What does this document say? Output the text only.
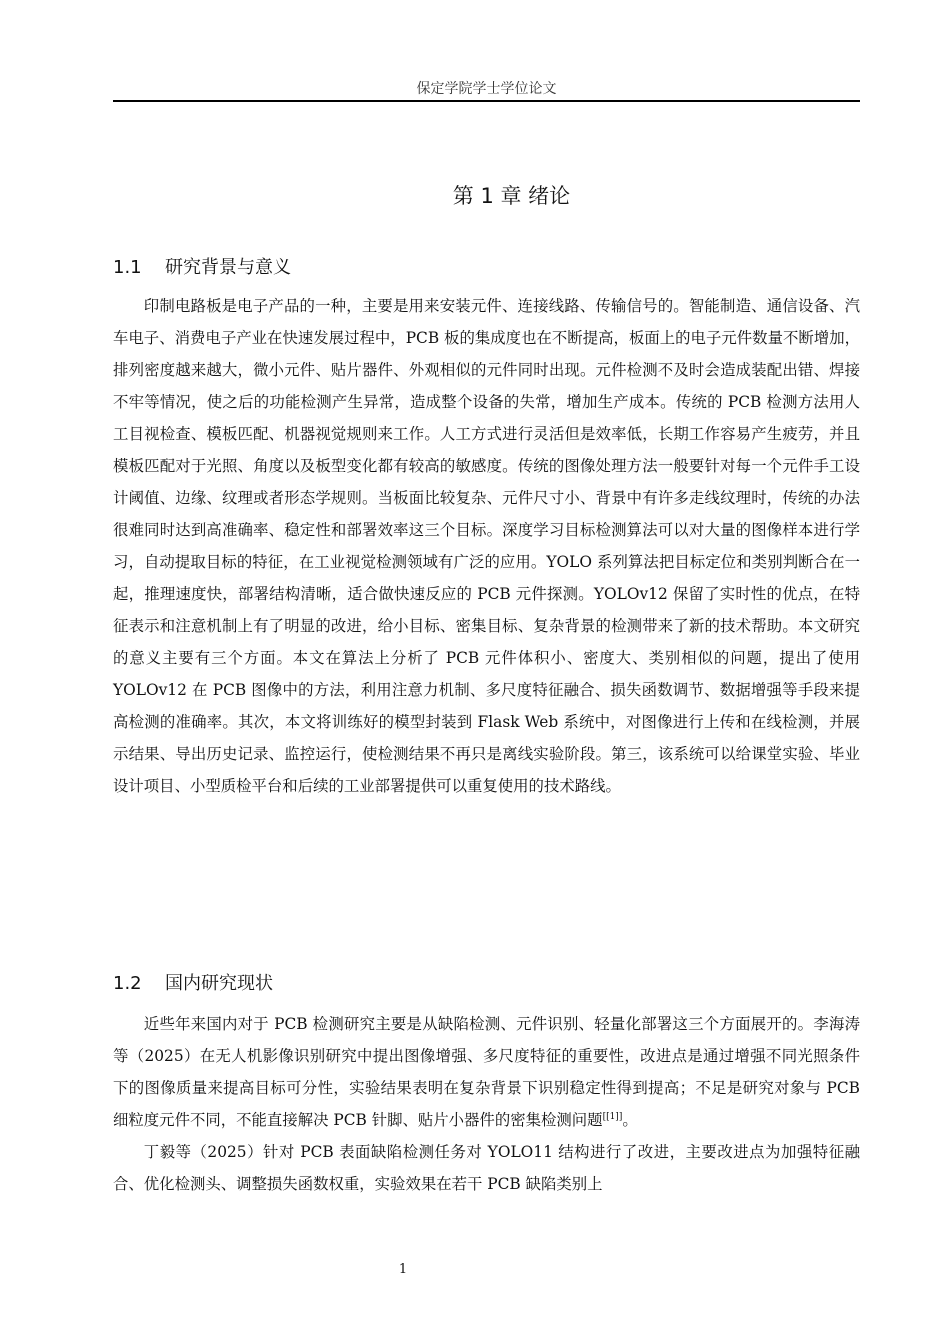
保定学院学士学位论文
第 1 章 绪论
1.1 研究背景与意义

印制电路板是电子产品的一种，主要是用来安装元件、连接线路、传输信号的。智能制造、通信设备、汽车电子、消费电子产业在快速发展过程中，PCB 板的集成度也在不断提高，板面上的电子元件数量不断增加，排列密度越来越大，微小元件、贴片器件、外观相似的元件同时出现。元件检测不及时会造成装配出错、焊接不牢等情况，使之后的功能检测产生异常，造成整个设备的失常，增加生产成本。传统的 PCB 检测方法用人工目视检查、模板匹配、机器视觉规则来工作。人工方式进行灵活但是效率低，长期工作容易产生疲劳，并且模板匹配对于光照、角度以及板型变化都有较高的敏感度。传统的图像处理方法一般要针对每一个元件手工设计阈值、边缘、纹理或者形态学规则。当板面比较复杂、元件尺寸小、背景中有许多走线纹理时，传统的办法很难同时达到高准确率、稳定性和部署效率这三个目标。深度学习目标检测算法可以对大量的图像样本进行学习，自动提取目标的特征，在工业视觉检测领域有广泛的应用。YOLO 系列算法把目标定位和类别判断合在一起，推理速度快，部署结构清晰，适合做快速反应的 PCB 元件探测。YOLOv12 保留了实时性的优点，在特征表示和注意机制上有了明显的改进，给小目标、密集目标、复杂背景的检测带来了新的技术帮助。本文研究的意义主要有三个方面。本文在算法上分析了 PCB 元件体积小、密度大、类别相似的问题，提出了使用 YOLOv12 在 PCB 图像中的方法，利用注意力机制、多尺度特征融合、损失函数调节、数据增强等手段来提高检测的准确率。其次，本文将训练好的模型封装到 Flask Web 系统中，对图像进行上传和在线检测，并展示结果、导出历史记录、监控运行，使检测结果不再只是离线实验阶段。第三，该系统可以给课堂实验、毕业设计项目、小型质检平台和后续的工业部署提供可以重复使用的技术路线。

1.2 国内研究现状

近些年来国内对于 PCB 检测研究主要是从缺陷检测、元件识别、轻量化部署这三个方面展开的。李海涛等（2025）在无人机影像识别研究中提出图像增强、多尺度特征的重要性，改进点是通过增强不同光照条件下的图像质量来提高目标可分性，实验结果表明在复杂背景下识别稳定性得到提高；不足是研究对象与 PCB 细粒度元件不同，不能直接解决 PCB 针脚、贴片小器件的密集检测问题[[1]]。

丁毅等（2025）针对 PCB 表面缺陷检测任务对 YOLO11 结构进行了改进，主要改进点为加强特征融合、优化检测头、调整损失函数权重，实验效果在若干 PCB 缺陷类别上

1
